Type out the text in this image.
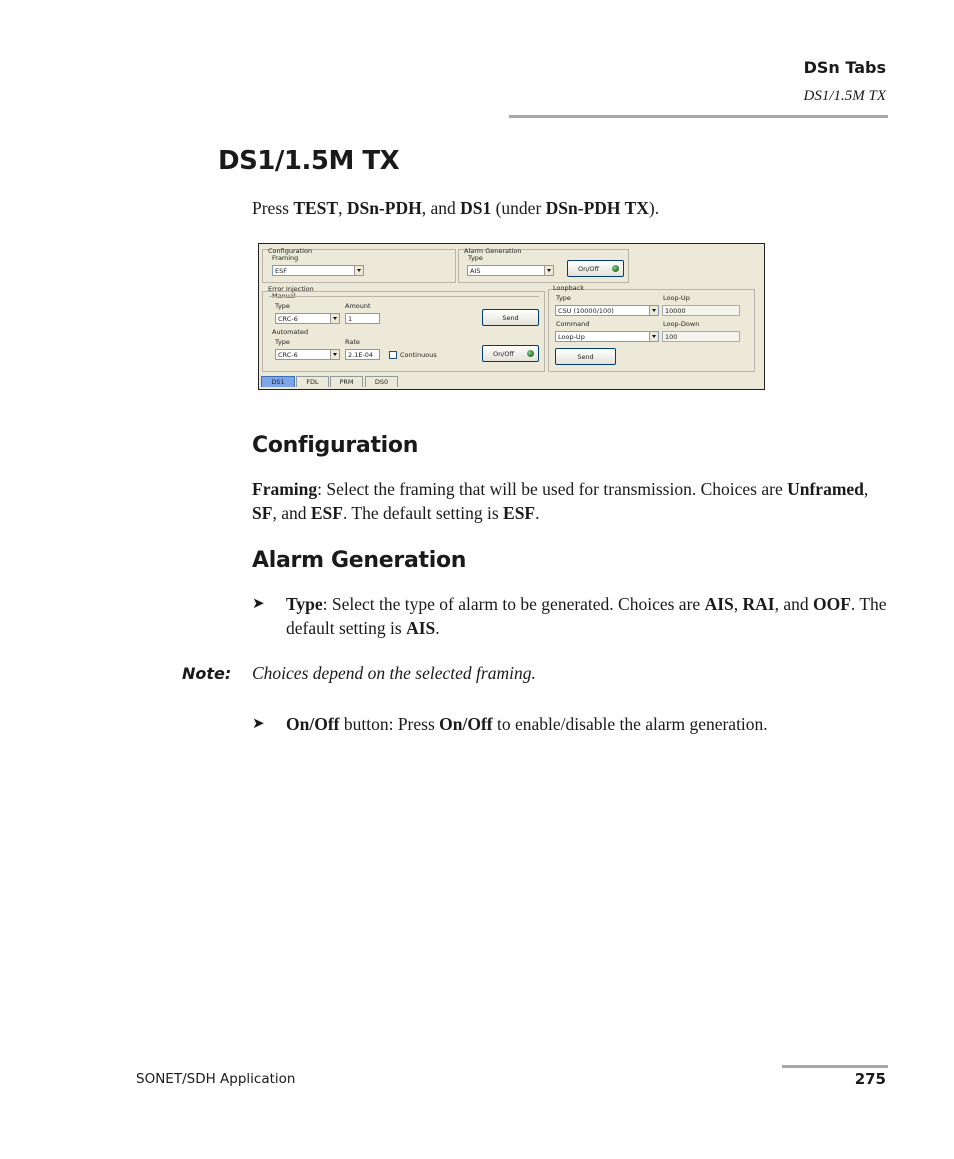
DSn Tabs
DS1/1.5M TX
DS1/1.5M TX
Press TEST, DSn-PDH, and DS1 (under DSn-PDH TX).
Configuration
Framing
ESF
Alarm Generation
Type
AIS	On/Off
Error Injection
Manual
Type	Amount
CRC-6	1	Send
Automated
Type	Rate
CRC-6	2.1E-04	Continuous	On/Off
Loopback
Type	Loop-Up
CSU (10000/100)	10000
Command	Loop-Down
Loop-Up	100
Send
DS1	FDL	PRM	DS0
Configuration
Framing: Select the framing that will be used for transmission. Choices are Unframed, SF, and ESF. The default setting is ESF.
Alarm Generation
➤ Type: Select the type of alarm to be generated. Choices are AIS, RAI, and OOF. The default setting is AIS.
Note: Choices depend on the selected framing.
➤ On/Off button: Press On/Off to enable/disable the alarm generation.
SONET/SDH Application	275
